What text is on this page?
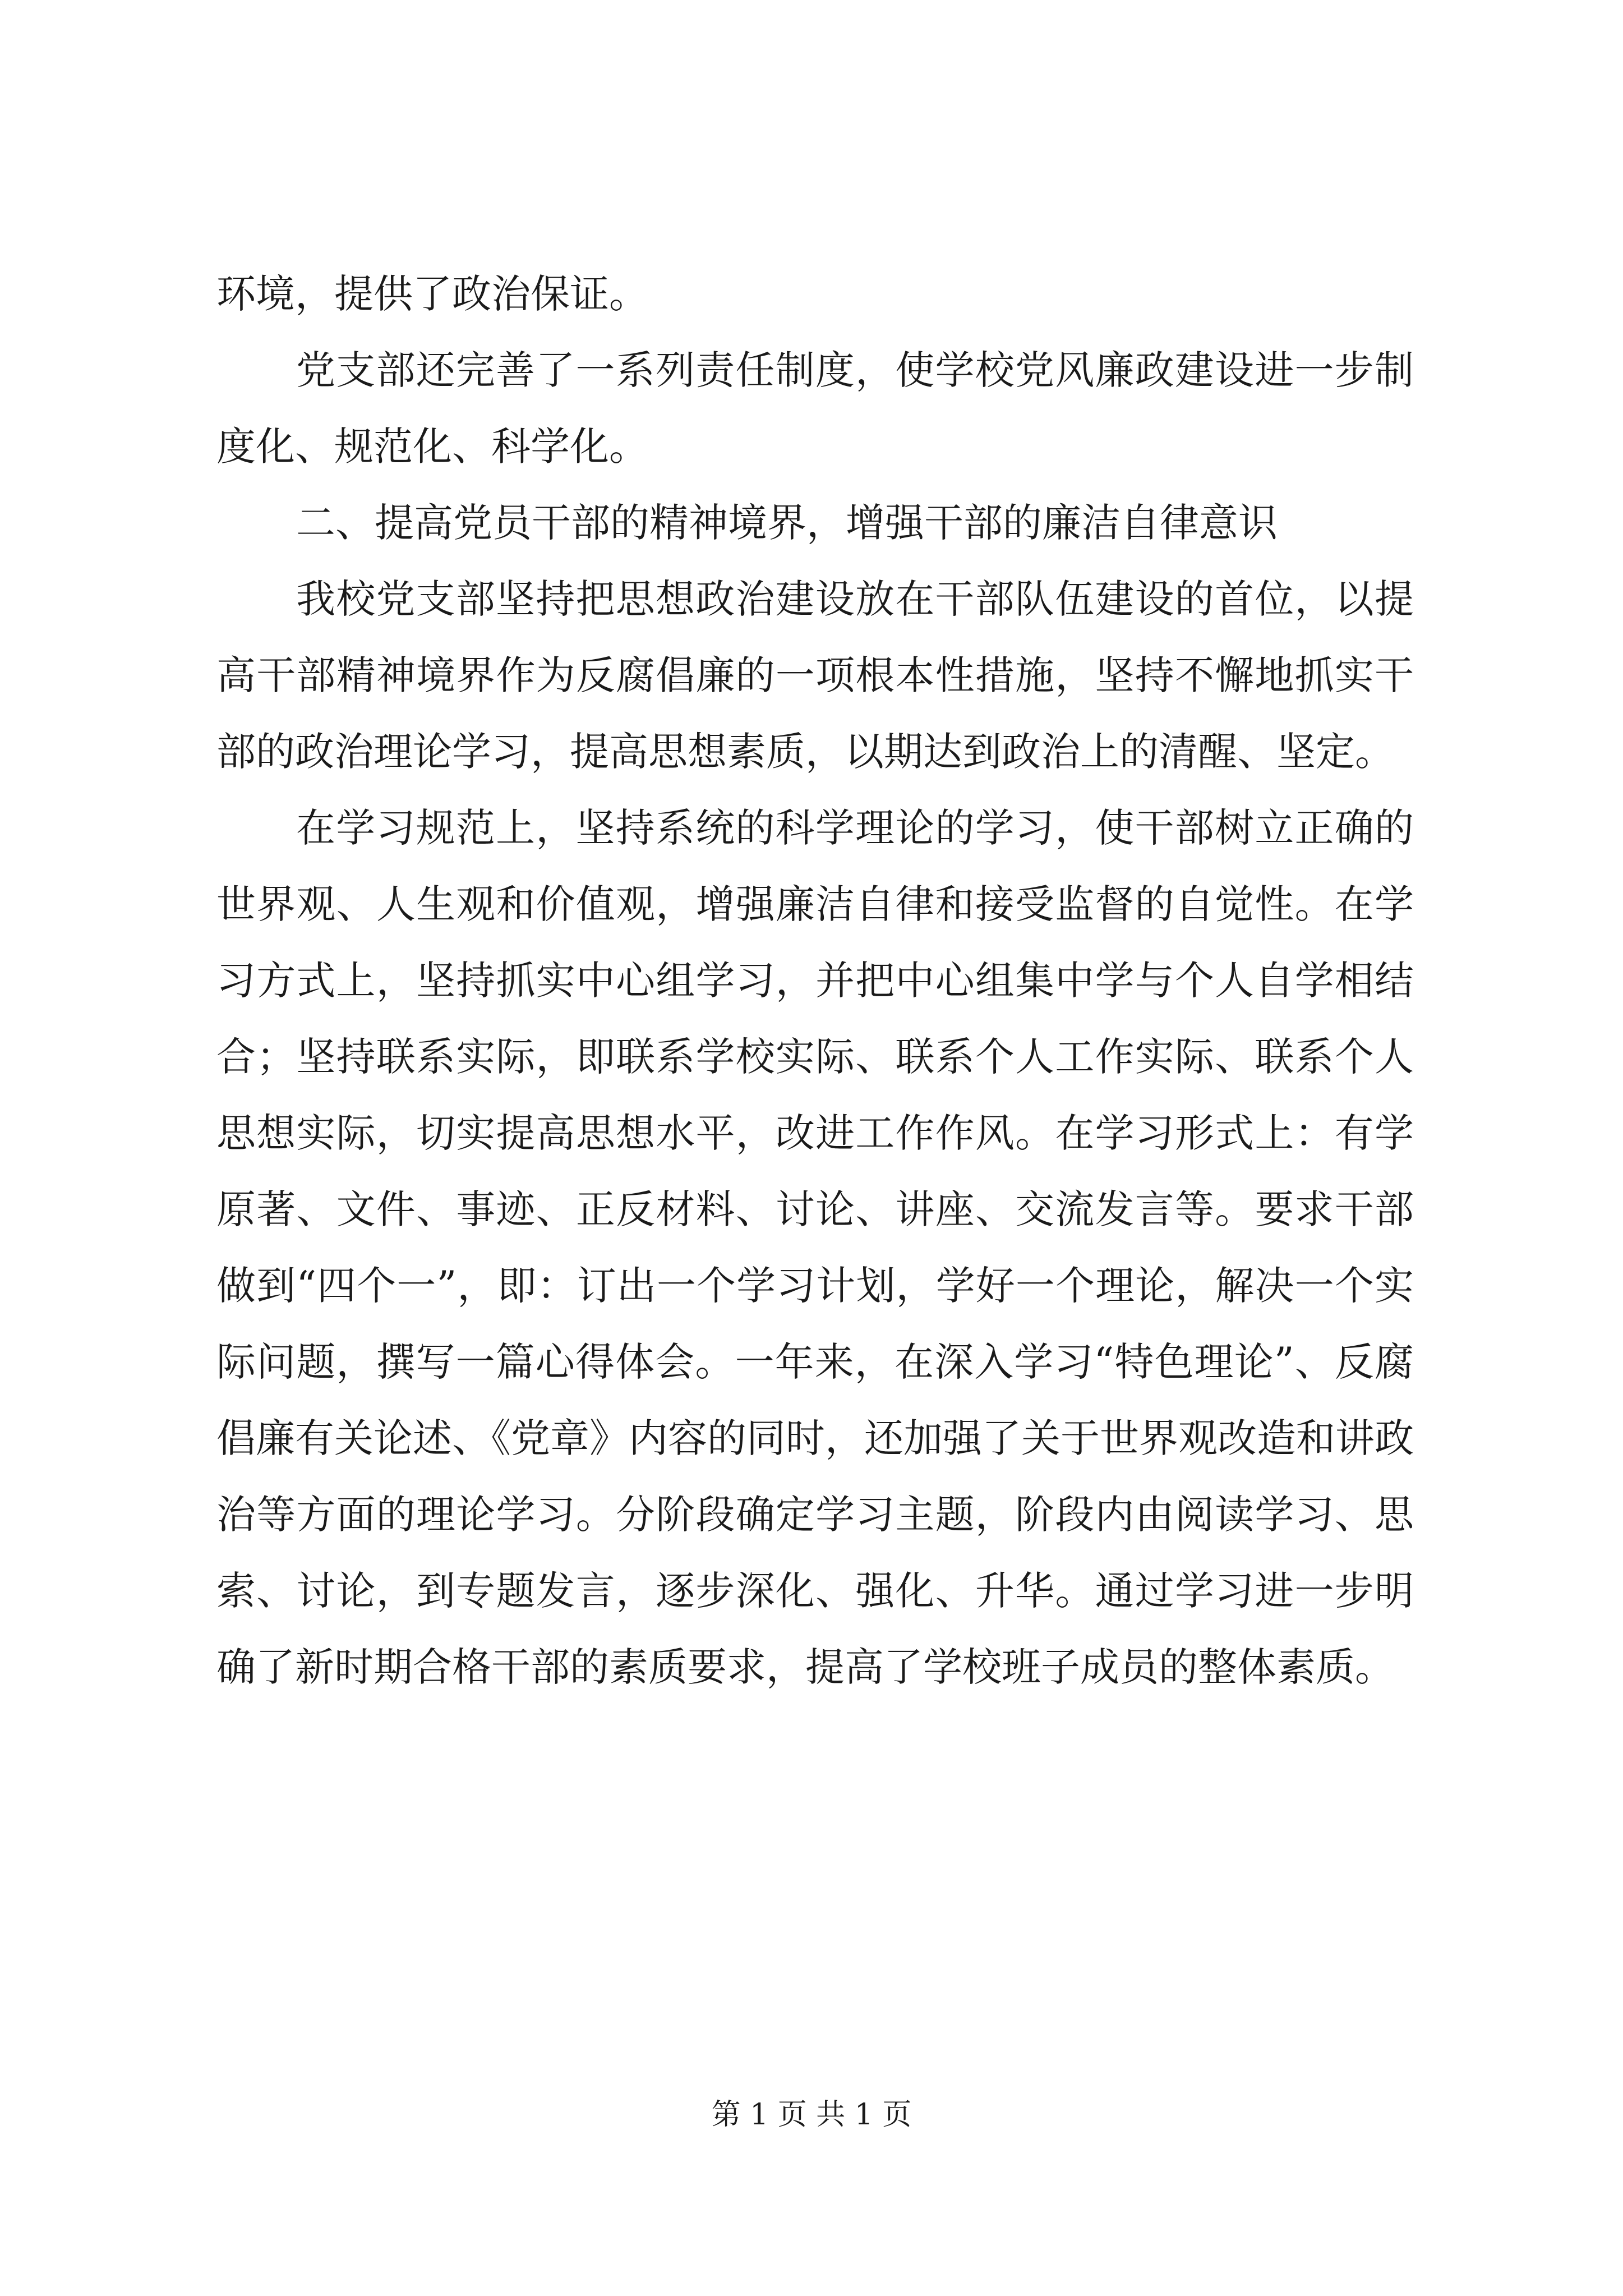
环境，提供了政治保证。

党支部还完善了一系列责任制度，使学校党风廉政建设进一步制度化、规范化、科学化。

二、提高党员干部的精神境界，增强干部的廉洁自律意识

我校党支部坚持把思想政治建设放在干部队伍建设的首位，以提高干部精神境界作为反腐倡廉的一项根本性措施，坚持不懈地抓实干部的政治理论学习，提高思想素质，以期达到政治上的清醒、坚定。

在学习规范上，坚持系统的科学理论的学习，使干部树立正确的世界观、人生观和价值观，增强廉洁自律和接受监督的自觉性。在学习方式上，坚持抓实中心组学习，并把中心组集中学与个人自学相结合；坚持联系实际，即联系学校实际、联系个人工作实际、联系个人思想实际，切实提高思想水平，改进工作作风。在学习形式上：有学原著、文件、事迹、正反材料、讨论、讲座、交流发言等。要求干部做到“四个一”，即：订出一个学习计划，学好一个理论，解决一个实际问题，撰写一篇心得体会。一年来，在深入学习“特色理论”、反腐倡廉有关论述、《党章》内容的同时，还加强了关于世界观改造和讲政治等方面的理论学习。分阶段确定学习主题，阶段内由阅读学习、思索、讨论，到专题发言，逐步深化、强化、升华。通过学习进一步明确了新时期合格干部的素质要求，提高了学校班子成员的整体素质。

第 1 页 共 1 页
